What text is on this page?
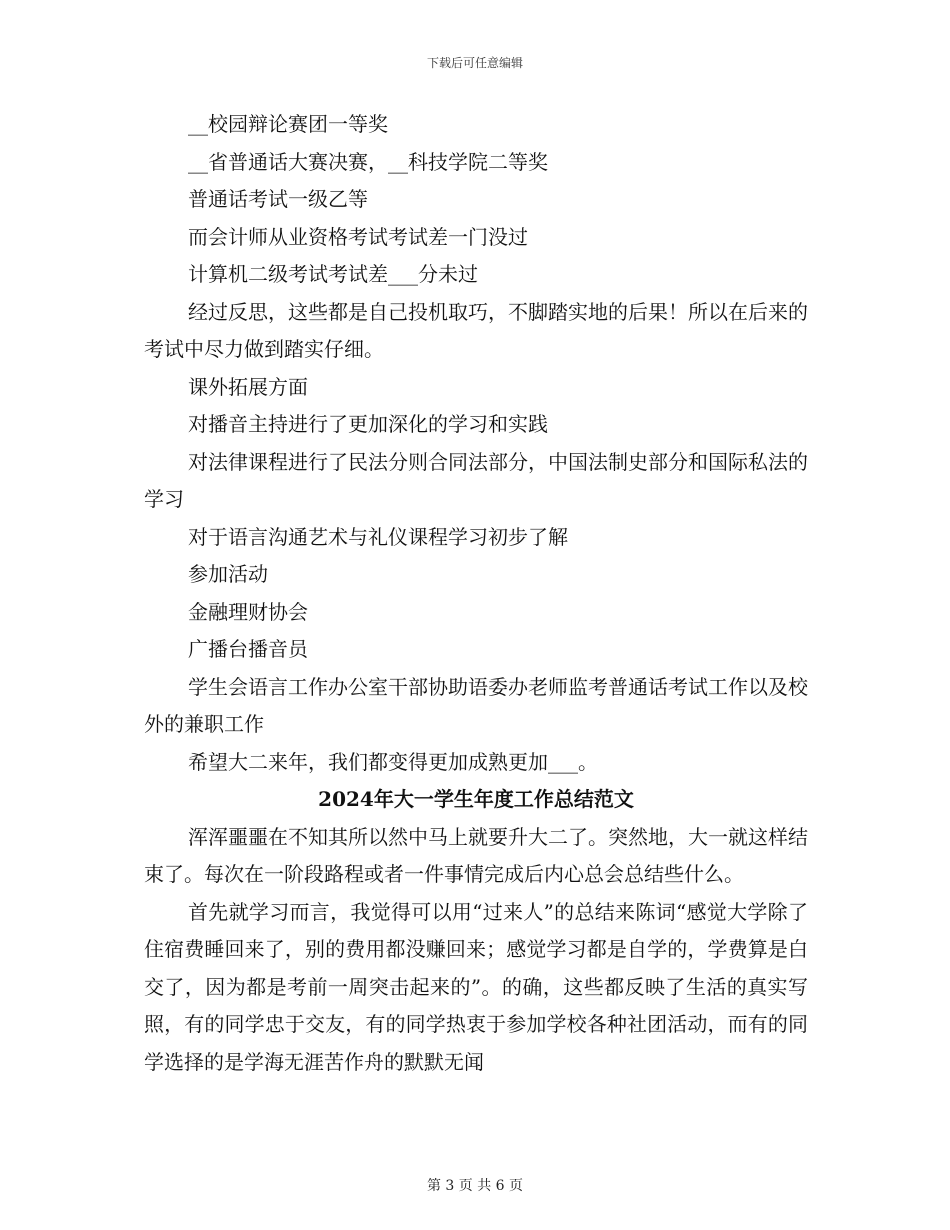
下载后可任意编辑
__校园辩论赛团一等奖
__省普通话大赛决赛，__科技学院二等奖
普通话考试一级乙等
而会计师从业资格考试考试差一门没过
计算机二级考试考试差___分未过
经过反思，这些都是自己投机取巧，不脚踏实地的后果！所以在后来的考试中尽力做到踏实仔细。
课外拓展方面
对播音主持进行了更加深化的学习和实践
对法律课程进行了民法分则合同法部分，中国法制史部分和国际私法的学习
对于语言沟通艺术与礼仪课程学习初步了解
参加活动
金融理财协会
广播台播音员
学生会语言工作办公室干部协助语委办老师监考普通话考试工作以及校外的兼职工作
希望大二来年，我们都变得更加成熟更加___。
2024年大一学生年度工作总结范文
浑浑噩噩在不知其所以然中马上就要升大二了。突然地，大一就这样结束了。每次在一阶段路程或者一件事情完成后内心总会总结些什么。
首先就学习而言，我觉得可以用“过来人”的总结来陈词“感觉大学除了住宿费睡回来了，别的费用都没赚回来；感觉学习都是自学的，学费算是白交了，因为都是考前一周突击起来的”。的确，这些都反映了生活的真实写照，有的同学忠于交友，有的同学热衷于参加学校各种社团活动，而有的同学选择的是学海无涯苦作舟的默默无闻
第 3 页 共 6 页
